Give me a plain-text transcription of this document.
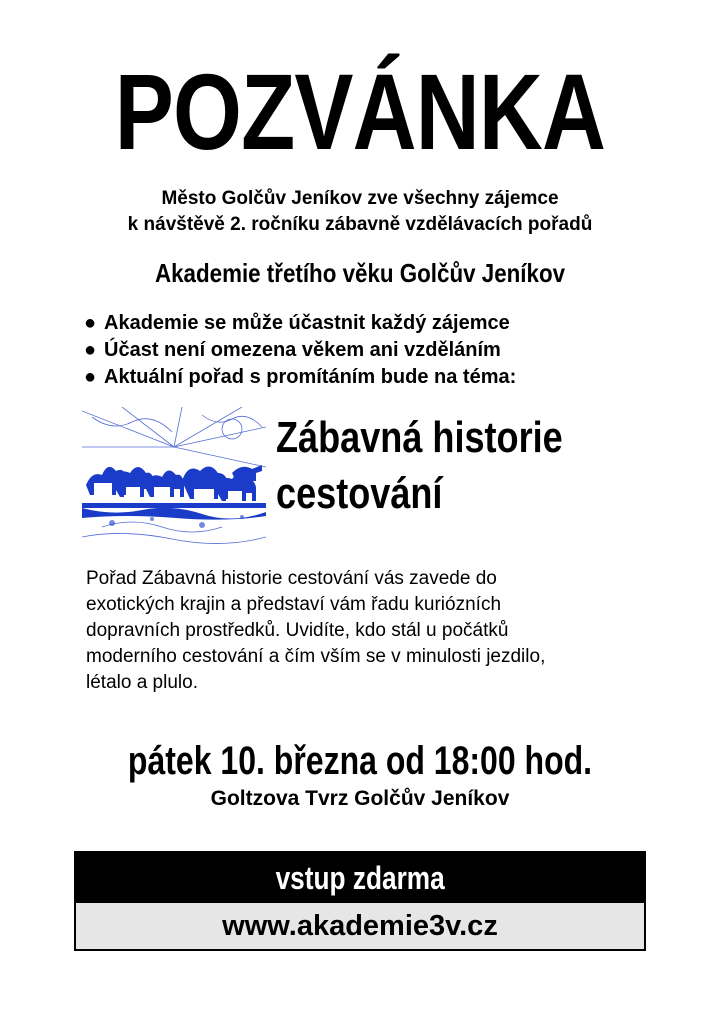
POZVÁNKA
Město Golčův Jeníkov zve všechny zájemce
k návštěvě 2. ročníku zábavně vzdělávacích pořadů
Akademie třetího věku Golčův Jeníkov
● Akademie se může účastnit každý zájemce
● Účast není omezena věkem ani vzděláním
● Aktuální pořad s promítáním bude na téma:
Zábavná historie
cestování
Pořad Zábavná historie cestování vás zavede do
exotických krajin a představí vám řadu kuriózních
dopravních prostředků. Uvidíte, kdo stál u počátků
moderního cestování a čím vším se v minulosti jezdilo,
létalo a plulo.
pátek 10. března od 18:00 hod.
Goltzova Tvrz Golčův Jeníkov
vstup zdarma
www.akademie3v.cz
